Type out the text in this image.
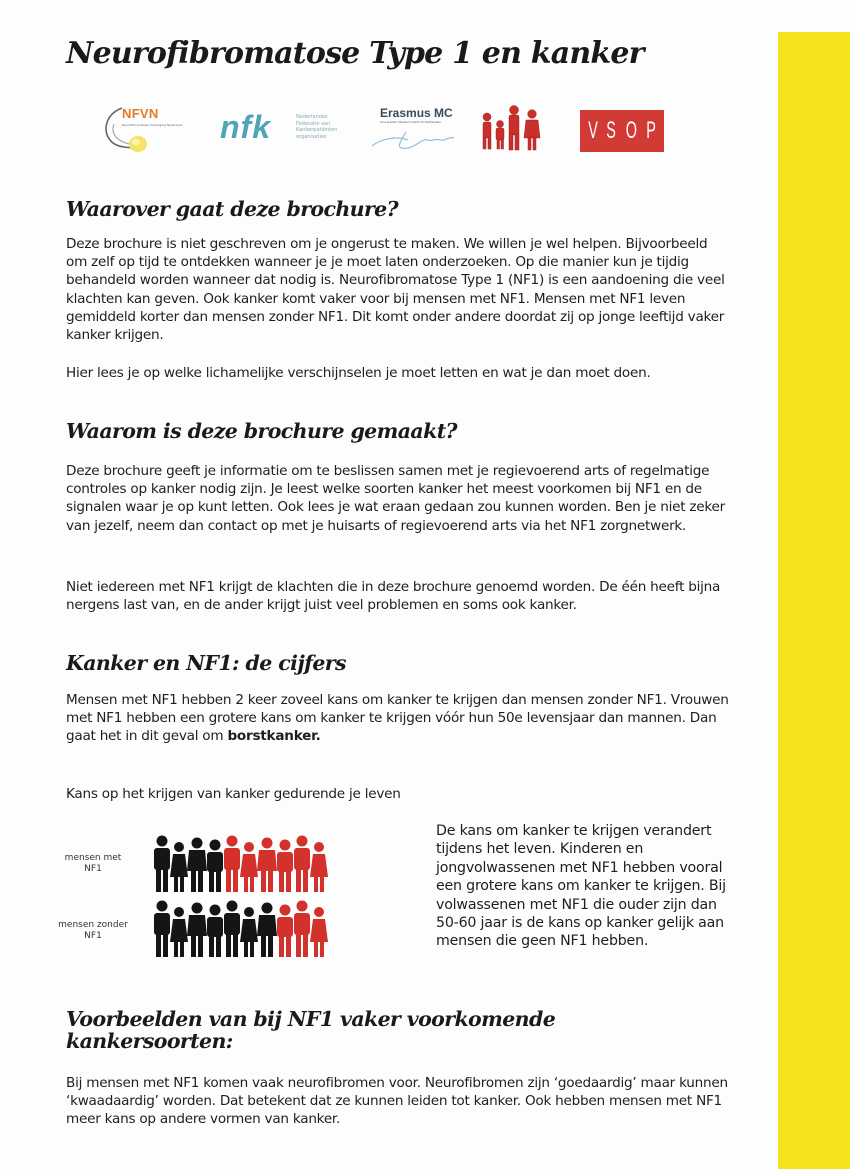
Neurofibromatose Type 1 en kanker
NFVN
Neurofibromatose Vereniging Nederland	nfk	Nederlandse
Federatie van
Kankerpatiënten
organisaties
Erasmus MC
Universitair Medisch Centrum Rotterdam	V S O P
Waarover gaat deze brochure?

Deze brochure is niet geschreven om je ongerust te maken. We willen je wel helpen. Bijvoorbeeld om zelf op tijd te ontdekken wanneer je je moet laten onderzoeken. Op die manier kun je tijdig behandeld worden wanneer dat nodig is. Neurofibromatose Type 1 (NF1) is een aandoening die veel klachten kan geven. Ook kanker komt vaker voor bij mensen met NF1. Mensen met NF1 leven gemiddeld korter dan mensen zonder NF1. Dit komt onder andere doordat zij op jonge leeftijd vaker kanker krijgen.

Hier lees je op welke lichamelijke verschijnselen je moet letten en wat je dan moet doen.

Waarom is deze brochure gemaakt?

Deze brochure geeft je informatie om te beslissen samen met je regievoerend arts of regelmatige controles op kanker nodig zijn. Je leest welke soorten kanker het meest voorkomen bij NF1 en de signalen waar je op kunt letten. Ook lees je wat eraan gedaan zou kunnen worden. Ben je niet zeker van jezelf, neem dan contact op met je huisarts of regievoerend arts via het NF1 zorgnetwerk.

Niet iedereen met NF1 krijgt de klachten die in deze brochure genoemd worden. De één heeft bijna nergens last van, en de ander krijgt juist veel problemen en soms ook kanker.

Kanker en NF1: de cijfers

Mensen met NF1 hebben 2 keer zoveel kans om kanker te krijgen dan mensen zonder NF1. Vrouwen met NF1 hebben een grotere kans om kanker te krijgen vóór hun 50e levensjaar dan mannen. Dan gaat het in dit geval om borstkanker.

Kans op het krijgen van kanker gedurende je leven

mensen met
NF1
mensen zonder
NF1

De kans om kanker te krijgen verandert tijdens het leven. Kinderen en jongvolwassenen met NF1 hebben vooral een grotere kans om kanker te krijgen. Bij volwassenen met NF1 die ouder zijn dan 50-60 jaar is de kans op kanker gelijk aan mensen die geen NF1 hebben.

Voorbeelden van bij NF1 vaker voorkomende kankersoorten:

Bij mensen met NF1 komen vaak neurofibromen voor. Neurofibromen zijn ‘goedaardig’ maar kunnen ‘kwaadaardig’ worden. Dat betekent dat ze kunnen leiden tot kanker. Ook hebben mensen met NF1 meer kans op andere vormen van kanker.
